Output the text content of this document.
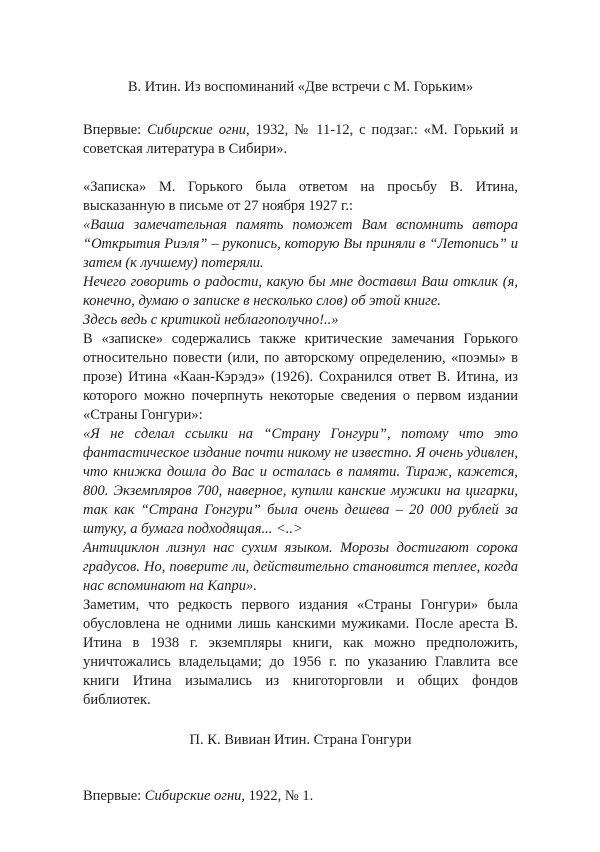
В. Итин. Из воспоминаний «Две встречи с М. Горьким»

Впервые: Сибирские огни, 1932, № 11-12, с подзаг.: «М. Горький и советская литература в Сибири».

«Записка» М. Горького была ответом на просьбу В. Итина, высказанную в письме от 27 ноября 1927 г.:

«Ваша замечательная память поможет Вам вспомнить автора “Открытия Риэля” – рукопись, которую Вы приняли в “Летопись” и затем (к лучшему) потеряли.

Нечего говорить о радости, какую бы мне доставил Ваш отклик (я, конечно, думаю о записке в несколько слов) об этой книге.

Здесь ведь с критикой неблагополучно!..»

В «записке» содержались также критические замечания Горького относительно повести (или, по авторскому определению, «поэмы» в прозе) Итина «Каан-Кэрэдэ» (1926). Сохранился ответ В. Итина, из которого можно почерпнуть некоторые сведения о первом издании «Страны Гонгури»:

«Я не сделал ссылки на “Страну Гонгури”, потому что это фантастическое издание почти никому не известно. Я очень удивлен, что книжка дошла до Вас и осталась в памяти. Тираж, кажется, 800. Экземпляров 700, наверное, купили канские мужики на цигарки, так как “Страна Гонгури” была очень дешева – 20 000 рублей за штуку, а бумага подходящая... <..>

Антициклон лизнул нас сухим языком. Морозы достигают сорока градусов. Но, поверите ли, действительно становится теплее, когда нас вспоминают на Капри».

Заметим, что редкость первого издания «Страны Гонгури» была обусловлена не одними лишь канскими мужиками. После ареста В. Итина в 1938 г. экземпляры книги, как можно предположить, уничтожались владельцами; до 1956 г. по указанию Главлита все книги Итина изымались из книготорговли и общих фондов библиотек.

П. К. Вивиан Итин. Страна Гонгури

Впервые: Сибирские огни, 1922, № 1.
